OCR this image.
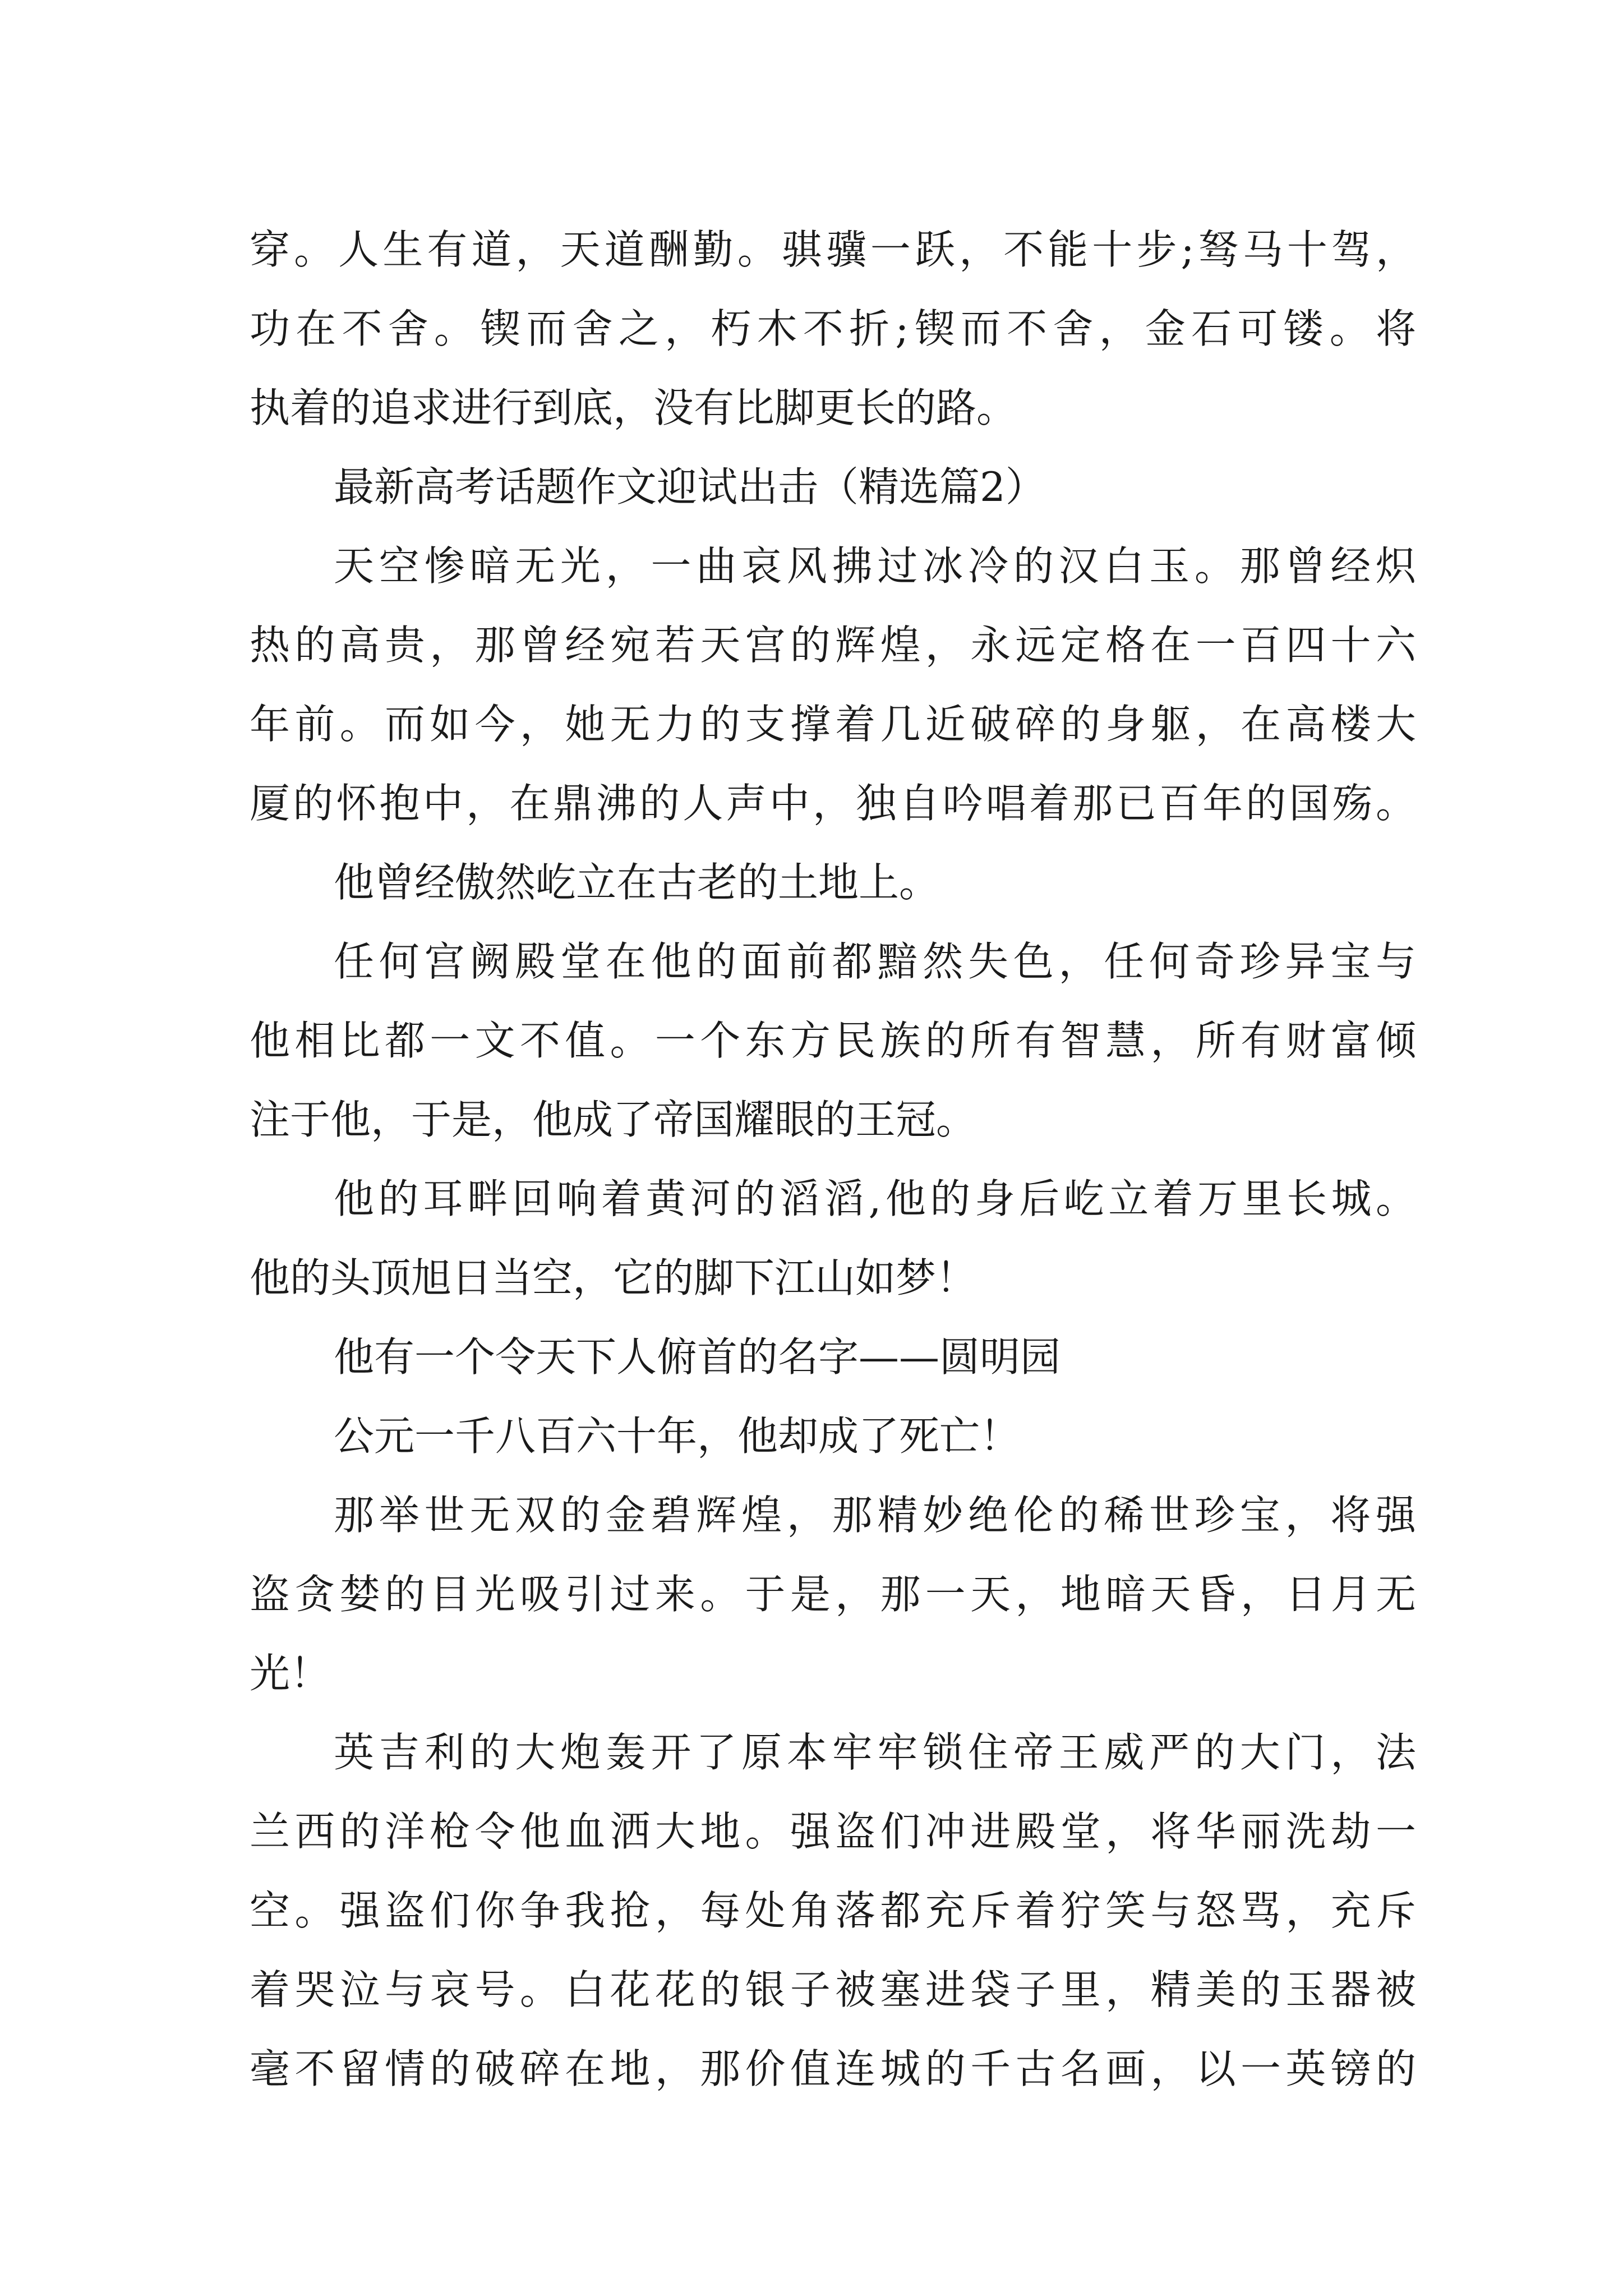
穿。人生有道，天道酬勤。骐骥一跃，不能十步;驽马十驾，
功在不舍。锲而舍之，朽木不折;锲而不舍，金石可镂。将
执着的追求进行到底，没有比脚更长的路。
最新高考话题作文迎试出击（精选篇2）
天空惨暗无光，一曲哀风拂过冰冷的汉白玉。那曾经炽
热的高贵，那曾经宛若天宫的辉煌，永远定格在一百四十六
年前。而如今，她无力的支撑着几近破碎的身躯，在高楼大
厦的怀抱中，在鼎沸的人声中，独自吟唱着那已百年的国殇。
他曾经傲然屹立在古老的土地上。
任何宫阙殿堂在他的面前都黯然失色，任何奇珍异宝与
他相比都一文不值。一个东方民族的所有智慧，所有财富倾
注于他，于是，他成了帝国耀眼的王冠。
他的耳畔回响着黄河的滔滔,他的身后屹立着万里长城。
他的头顶旭日当空，它的脚下江山如梦！
他有一个令天下人俯首的名字——圆明园
公元一千八百六十年，他却成了死亡！
那举世无双的金碧辉煌，那精妙绝伦的稀世珍宝，将强
盗贪婪的目光吸引过来。于是，那一天，地暗天昏，日月无
光！
英吉利的大炮轰开了原本牢牢锁住帝王威严的大门，法
兰西的洋枪令他血洒大地。强盗们冲进殿堂，将华丽洗劫一
空。强盗们你争我抢，每处角落都充斥着狞笑与怒骂，充斥
着哭泣与哀号。白花花的银子被塞进袋子里，精美的玉器被
毫不留情的破碎在地，那价值连城的千古名画，以一英镑的
